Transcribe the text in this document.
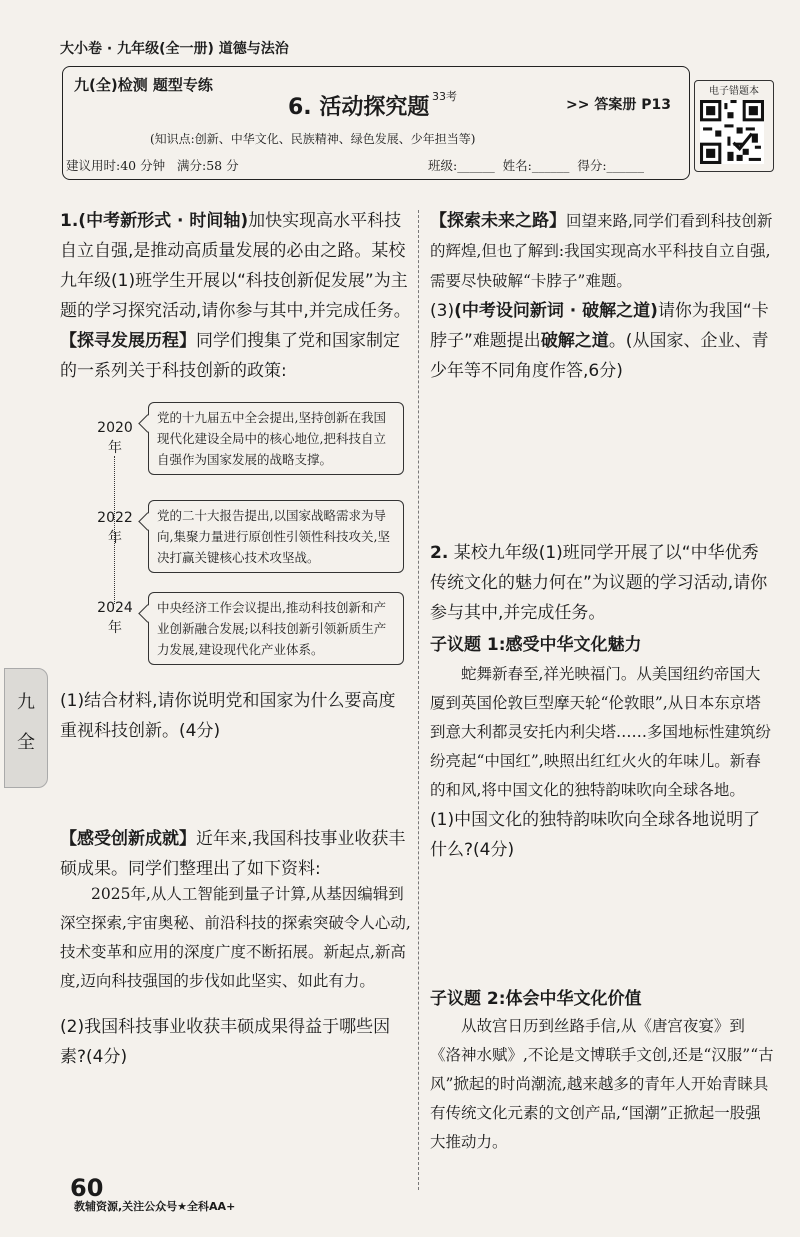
大小卷 · 九年级(全一册) 道德与法治
九(全)检测 题型专练
6. 活动探究题 33考
>> 答案册 P13
(知识点:创新、中华文化、民族精神、绿色发展、少年担当等)
建议用时:40 分钟   满分:58 分	班级:______  姓名:______  得分:______
电子错题本

1.(中考新形式 · 时间轴)加快实现高水平科技自立自强,是推动高质量发展的必由之路。某校九年级(1)班学生开展以“科技创新促发展”为主题的学习探究活动,请你参与其中,并完成任务。

【探寻发展历程】同学们搜集了党和国家制定的一系列关于科技创新的政策:

2020
年
党的十九届五中全会提出,坚持创新在我国现代化建设全局中的核心地位,把科技自立自强作为国家发展的战略支撑。
2022
年
党的二十大报告提出,以国家战略需求为导向,集聚力量进行原创性引领性科技攻关,坚决打赢关键核心技术攻坚战。
2024
年
中央经济工作会议提出,推动科技创新和产业创新融合发展;以科技创新引领新质生产力发展,建设现代化产业体系。
(1)结合材料,请你说明党和国家为什么要高度重视科技创新。(4分)

【感受创新成就】近年来,我国科技事业收获丰硕成果。同学们整理出了如下资料:

2025年,从人工智能到量子计算,从基因编辑到深空探索,宇宙奥秘、前沿科技的探索突破令人心动,技术变革和应用的深度广度不断拓展。新起点,新高度,迈向科技强国的步伐如此坚实、如此有力。
(2)我国科技事业收获丰硕成果得益于哪些因素?(4分)

【探索未来之路】回望来路,同学们看到科技创新的辉煌,但也了解到:我国实现高水平科技自立自强,需要尽快破解“卡脖子”难题。

(3)(中考设问新词 · 破解之道)请你为我国“卡脖子”难题提出破解之道。(从国家、企业、青少年等不同角度作答,6分)

2. 某校九年级(1)班同学开展了以“中华优秀传统文化的魅力何在”为议题的学习活动,请你参与其中,并完成任务。

子议题 1:感受中华文化魅力

蛇舞新春至,祥光映福门。从美国纽约帝国大厦到英国伦敦巨型摩天轮“伦敦眼”,从日本东京塔到意大利都灵安托内利尖塔……多国地标性建筑纷纷亮起“中国红”,映照出红红火火的年味儿。新春的和风,将中国文化的独特韵味吹向全球各地。

(1)中国文化的独特韵味吹向全球各地说明了什么?(4分)

子议题 2:体会中华文化价值
从故宫日历到丝路手信,从《唐宫夜宴》到《洛神水赋》,不论是文博联手文创,还是“汉服”“古风”掀起的时尚潮流,越来越多的青年人开始青睐具有传统文化元素的文创产品,“国潮”正掀起一股强大推动力。
九
全
60
教辅资源,关注公众号★全科AA+
